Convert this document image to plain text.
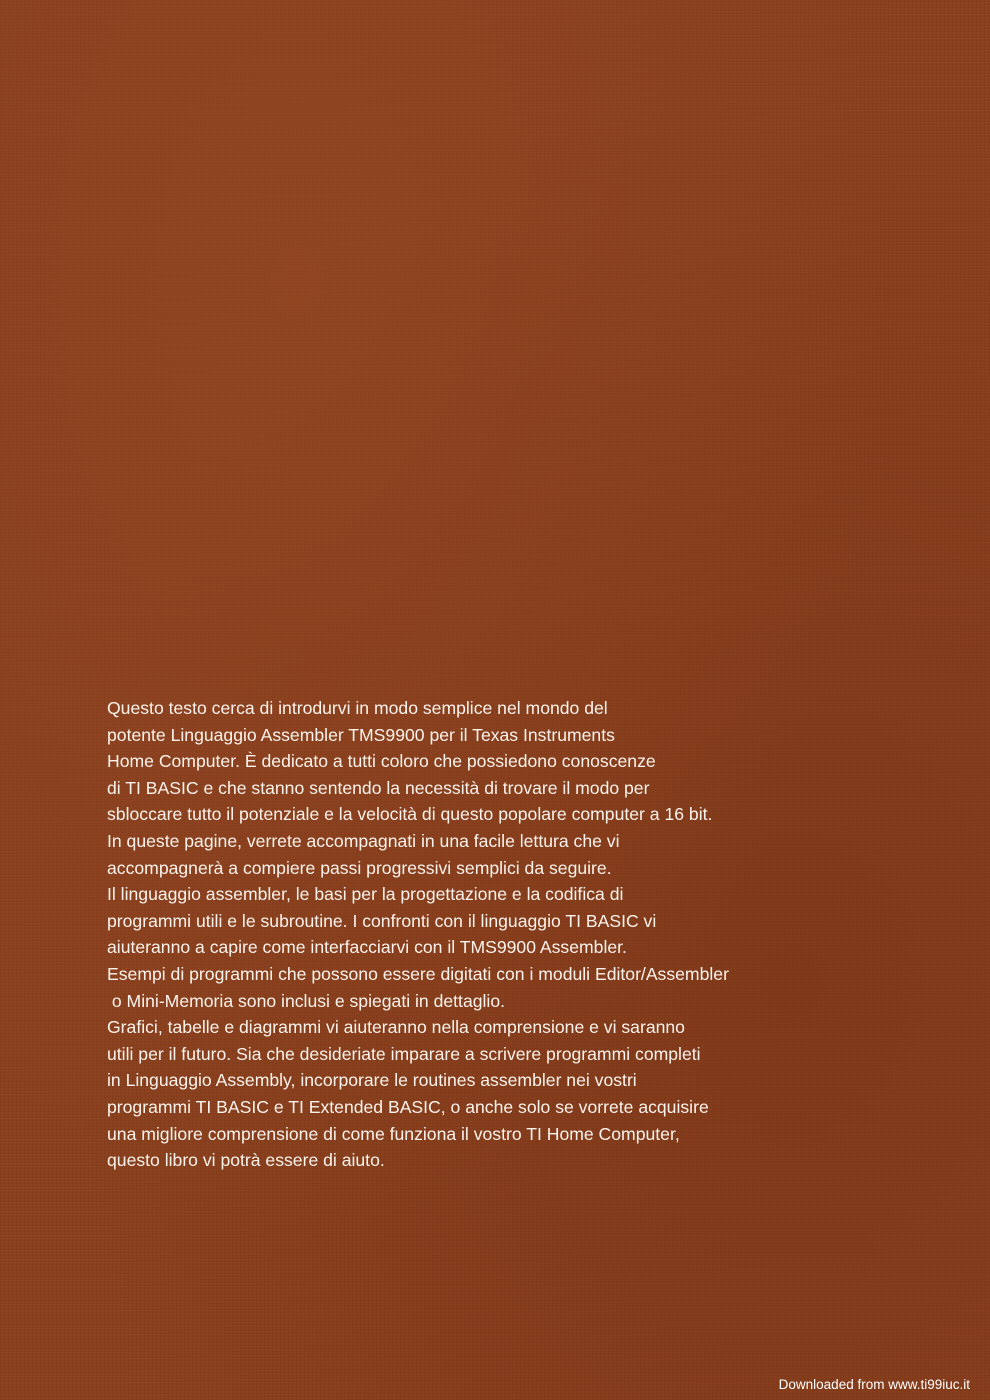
Questo testo cerca di introdurvi in modo semplice nel mondo del
potente Linguaggio Assembler TMS9900 per il Texas Instruments
Home Computer. È dedicato a tutti coloro che possiedono conoscenze
di TI BASIC e che stanno sentendo la necessità di trovare il modo per
sbloccare tutto il potenziale e la velocità di questo popolare computer a 16 bit.
In queste pagine, verrete accompagnati in una facile lettura che vi
accompagnerà a compiere passi progressivi semplici da seguire.
Il linguaggio assembler, le basi per la progettazione e la codifica di
programmi utili e le subroutine. I confronti con il linguaggio TI BASIC vi
aiuteranno a capire come interfacciarvi con il TMS9900 Assembler.
Esempi di programmi che possono essere digitati con i moduli Editor/Assembler
o Mini-Memoria sono inclusi e spiegati in dettaglio.
Grafici, tabelle e diagrammi vi aiuteranno nella comprensione e vi saranno
utili per il futuro. Sia che desideriate imparare a scrivere programmi completi
in Linguaggio Assembly, incorporare le routines assembler nei vostri
programmi TI BASIC e TI Extended BASIC, o anche solo se vorrete acquisire
una migliore comprensione di come funziona il vostro TI Home Computer,
questo libro vi potrà essere di aiuto.
Downloaded from www.ti99iuc.it
